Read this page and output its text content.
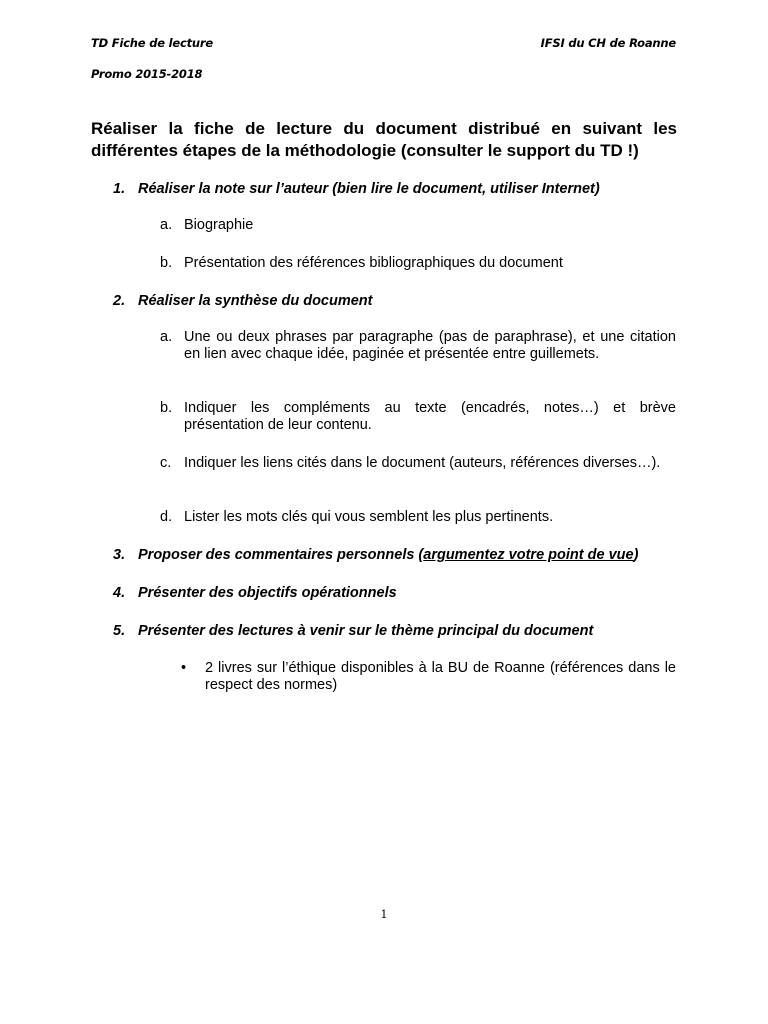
TD Fiche de lecture	IFSI du CH de Roanne
Promo 2015-2018

Réaliser la fiche de lecture du document distribué en suivant les différentes étapes de la méthodologie (consulter le support du TD !)

1. Réaliser la note sur l’auteur (bien lire le document, utiliser Internet)
a. Biographie
b. Présentation des références bibliographiques du document
2. Réaliser la synthèse du document
a. Une ou deux phrases par paragraphe (pas de paraphrase), et une citation en lien avec chaque idée, paginée et présentée entre guillemets.
b. Indiquer les compléments au texte (encadrés, notes…) et brève présentation de leur contenu.
c. Indiquer les liens cités dans le document (auteurs, références diverses…).
d. Lister les mots clés qui vous semblent les plus pertinents.
3. Proposer des commentaires personnels (argumentez votre point de vue)
4. Présenter des objectifs opérationnels
5. Présenter des lectures à venir sur le thème principal du document
• 2 livres sur l’éthique disponibles à la BU de Roanne (références dans le respect des normes)
1
